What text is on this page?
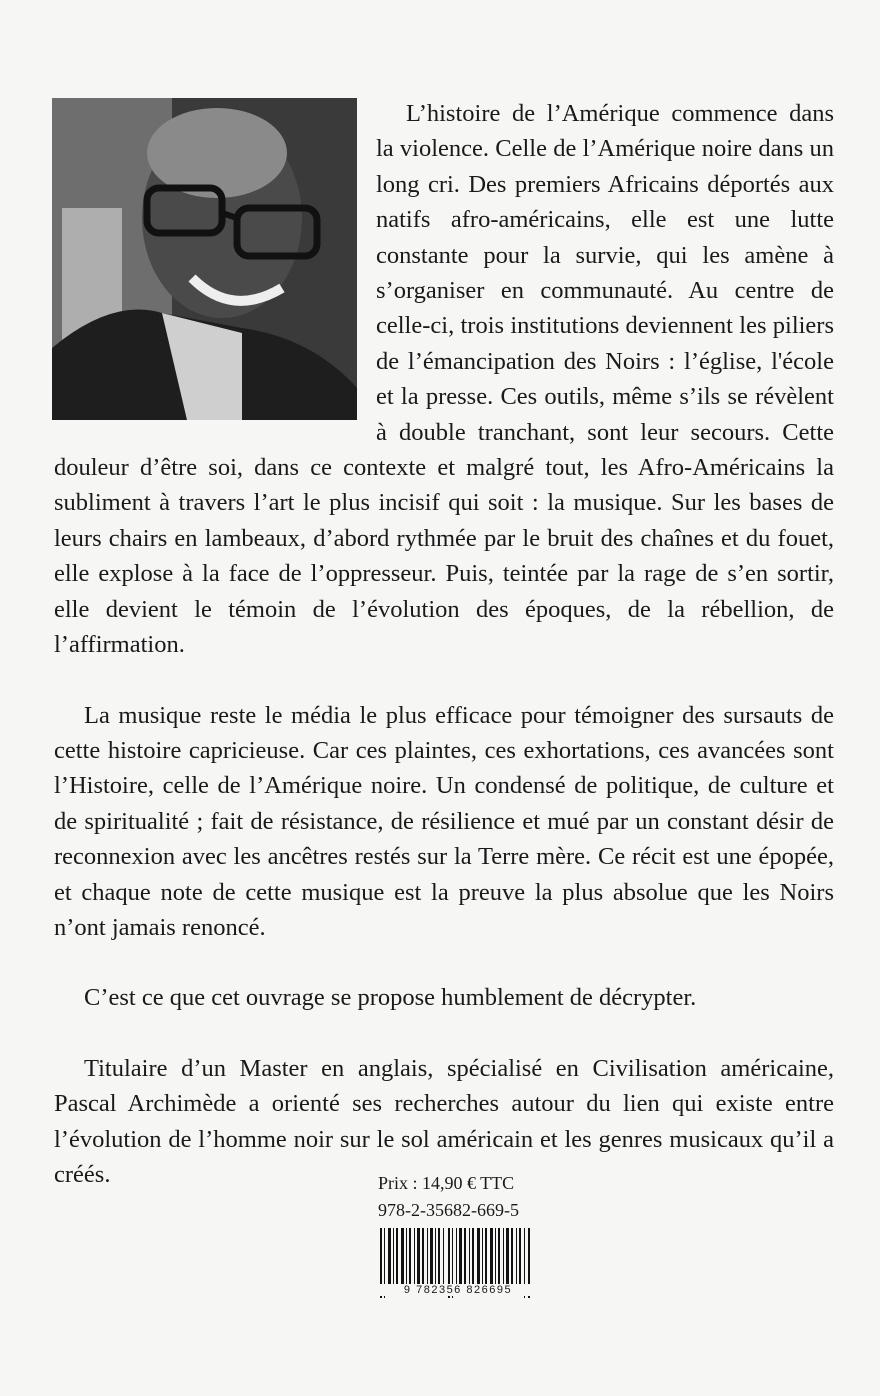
L’histoire de l’Amérique commence dans la violence. Celle de l’Amérique noire dans un long cri. Des premiers Africains déportés aux natifs afro-américains, elle est une lutte constante pour la survie, qui les amène à s’organiser en communauté. Au centre de celle-ci, trois institutions deviennent les piliers de l’émancipation des Noirs : l’église, l'école et la presse. Ces outils, même s’ils se révèlent à double tranchant, sont leur secours. Cette douleur d’être soi, dans ce contexte et malgré tout, les Afro-Américains la subliment à travers l’art le plus incisif qui soit : la musique. Sur les bases de leurs chairs en lambeaux, d’abord rythmée par le bruit des chaînes et du fouet, elle explose à la face de l’oppresseur. Puis, teintée par la rage de s’en sortir, elle devient le témoin de l’évolution des époques, de la rébellion, de l’affirmation.

La musique reste le média le plus efficace pour témoigner des sursauts de cette histoire capricieuse. Car ces plaintes, ces exhortations, ces avancées sont l’Histoire, celle de l’Amérique noire. Un condensé de politique, de culture et de spiritualité ; fait de résistance, de résilience et mué par un constant désir de reconnexion avec les ancêtres restés sur la Terre mère. Ce récit est une épopée, et chaque note de cette musique est la preuve la plus absolue que les Noirs n’ont jamais renoncé.

C’est ce que cet ouvrage se propose humblement de décrypter.

Titulaire d’un Master en anglais, spécialisé en Civilisation américaine, Pascal Archimède a orienté ses recherches autour du lien qui existe entre l’évolution de l’homme noir sur le sol américain et les genres musicaux qu’il a créés.	Prix : 14,90 € TTC
978-2-35682-669-5
9 782356 826695
